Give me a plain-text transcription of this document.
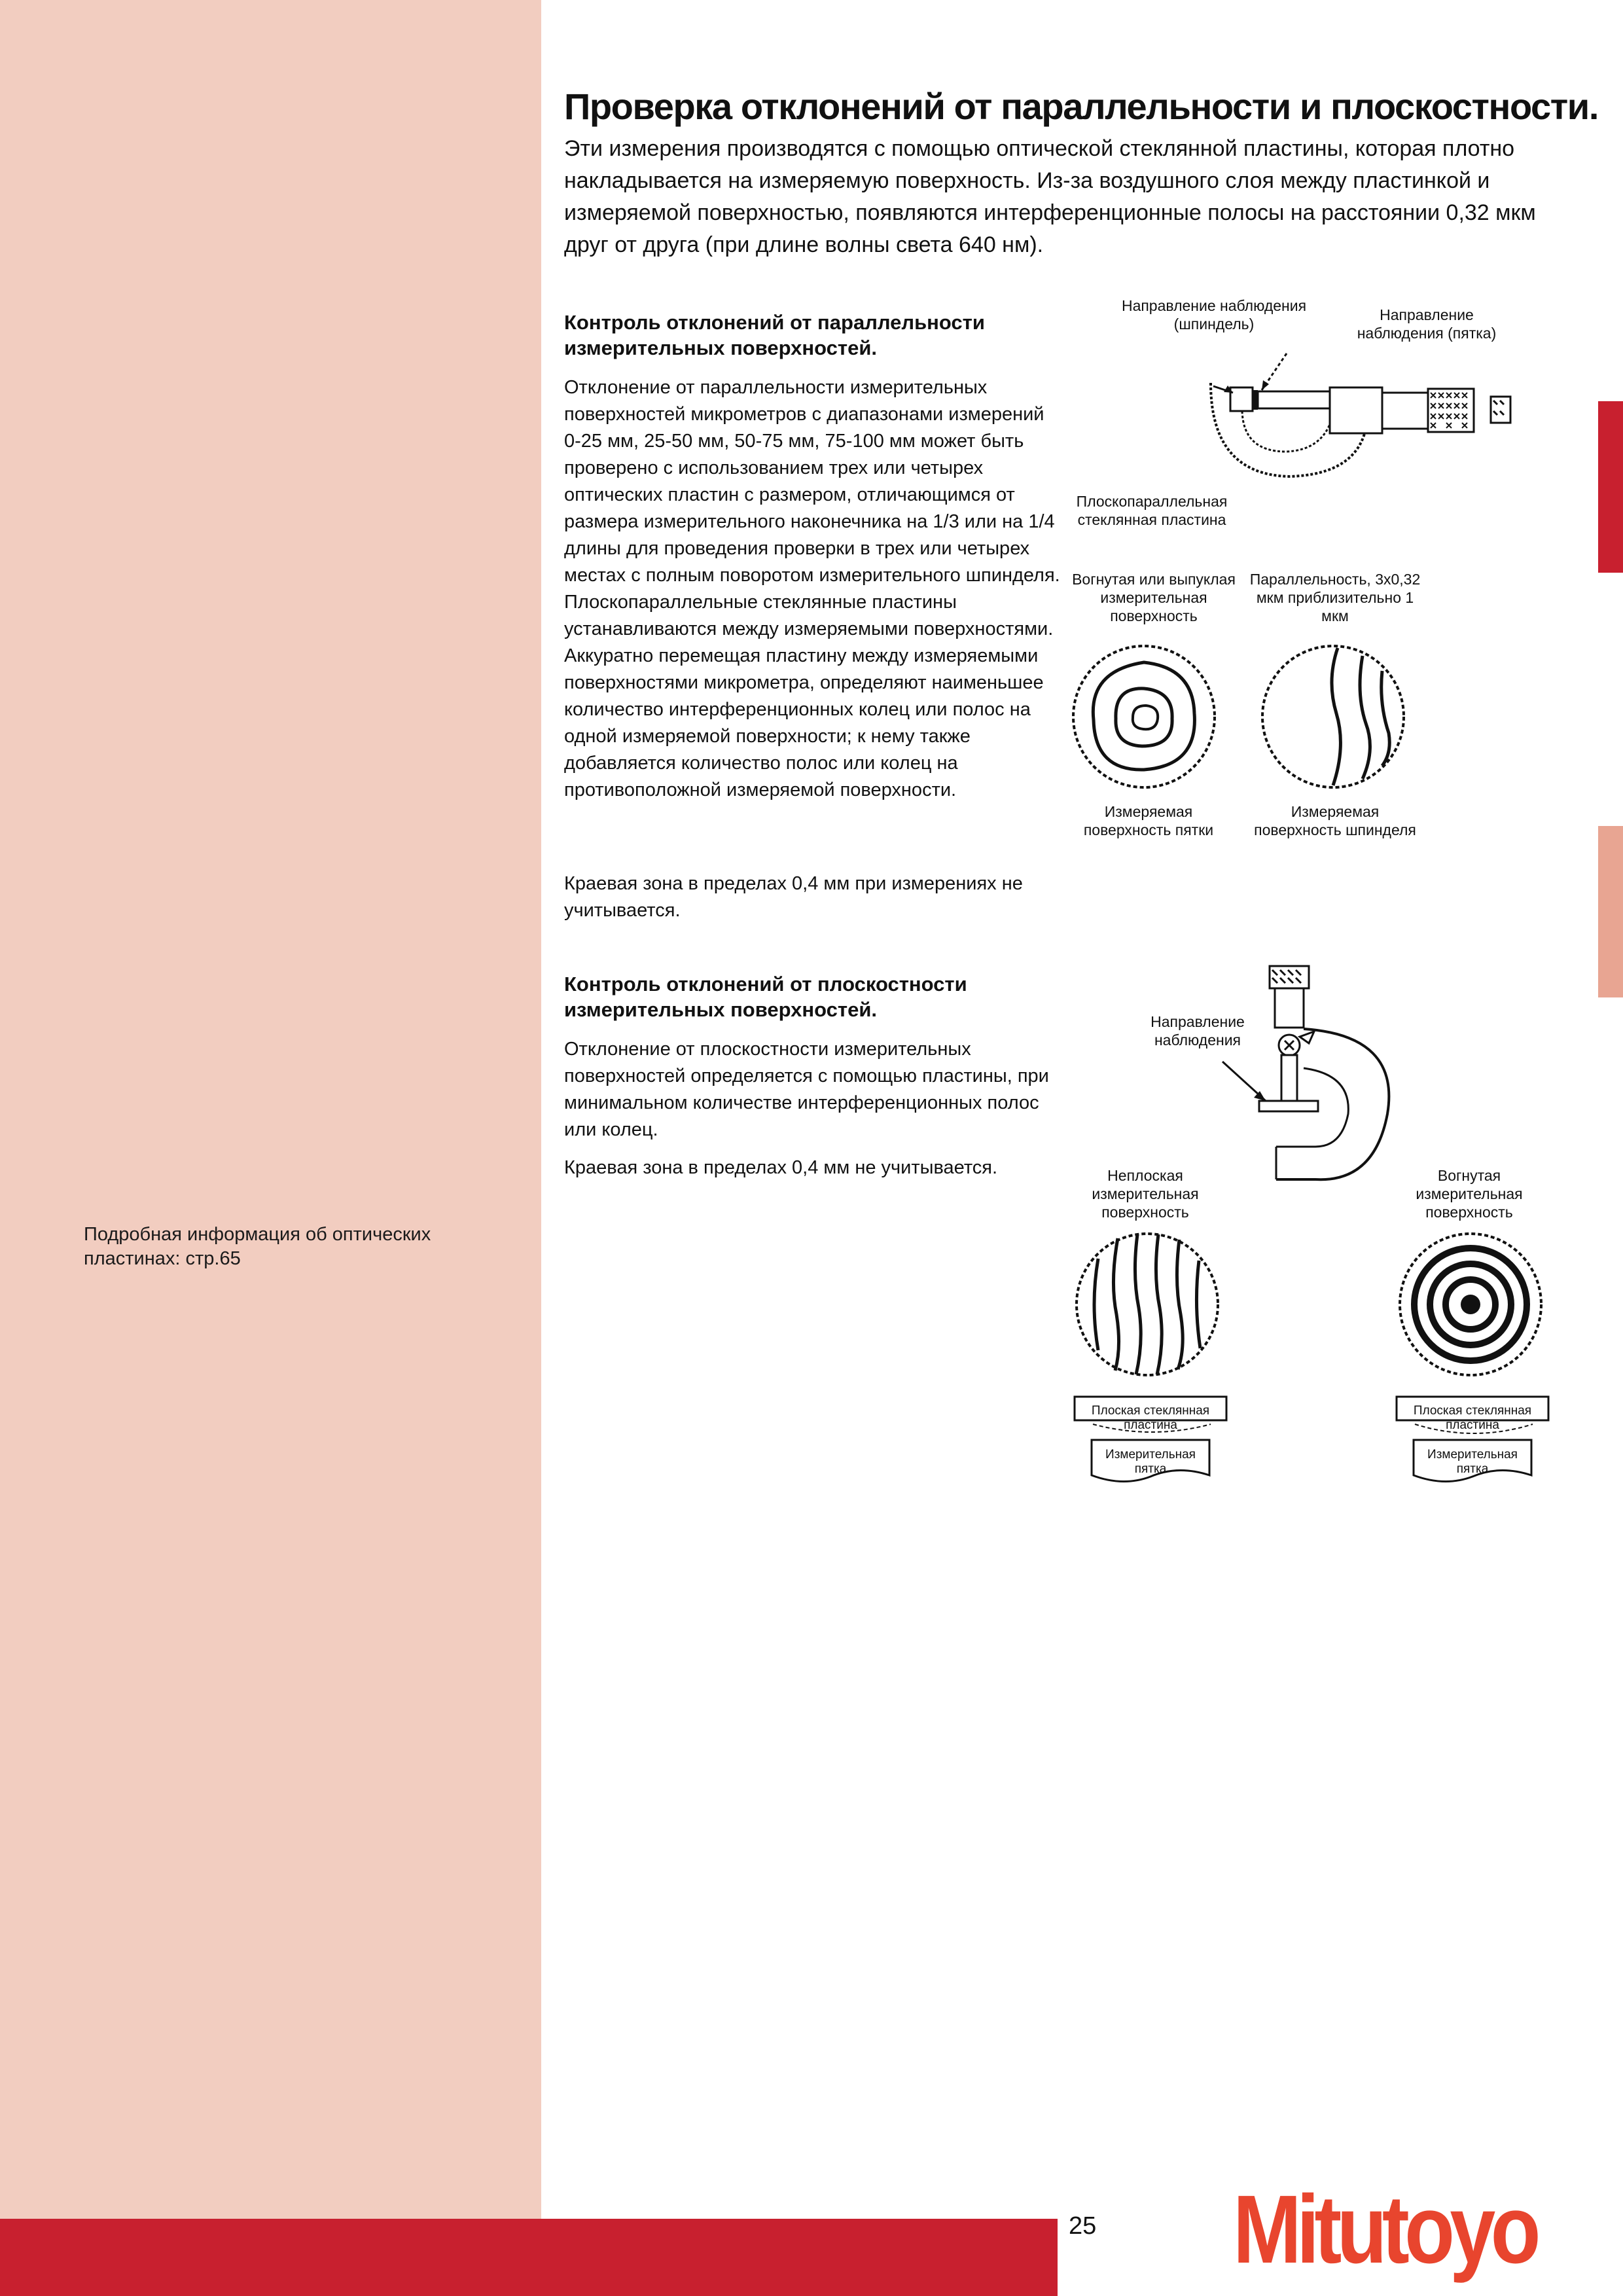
Подробная информация об оптических пластинах: стр.65
Проверка отклонений от параллельности и плоскостности.

Эти измерения производятся с помощью оптической стеклянной пластины, которая плотно накладывается на измеряемую поверхность. Из-за воздушного слоя между пластинкой и измеряемой поверхностью, появляются интерференционные полосы на расстоянии 0,32 мкм друг от друга (при длине волны света 640 нм).

Контроль отклонений от параллельности измерительных поверхностей.

Отклонение от параллельности измерительных поверхностей микрометров с диапазонами измерений 0-25 мм, 25-50 мм, 50-75 мм, 75-100 мм может быть проверено с использованием трех или четырех оптических пластин с размером, отличающимся от размера измерительного наконечника на 1/3 или на 1/4 длины для проведения проверки в трех или четырех местах с полным поворотом измерительного шпинделя. Плоскопараллельные стеклянные пластины устанавливаются между измеряемыми поверхностями. Аккуратно перемещая пластину между измеряемыми поверхностями микрометра, определяют наименьшее количество интерференционных колец или полос на одной измеряемой поверхности; к нему также добавляется количество полос или колец на противоположной измеряемой поверхности.

Краевая зона в пределах 0,4 мм при измерениях не учитывается.

Контроль отклонений от плоскостности измерительных поверхностей.

Отклонение от плоскостности измерительных поверхностей определяется с помощью пластины, при минимальном количестве интерференционных полос или колец.

Краевая зона в пределах 0,4 мм не учитывается.

Направление наблюдения (шпиндель)
Направление наблюдения (пятка)
Плоскопараллельная стеклянная пластина
Вогнутая или выпуклая измерительная поверхность
Параллельность, 3х0,32 мкм приблизительно 1 мкм
Измеряемая поверхность пятки
Измеряемая поверхность шпинделя
Направление наблюдения
Неплоская измерительная поверхность
Вогнутая измерительная поверхность
Плоская стеклянная пластина
Измерительная пятка
Плоская стеклянная пластина
Измерительная пятка
25 Mitutoyo
